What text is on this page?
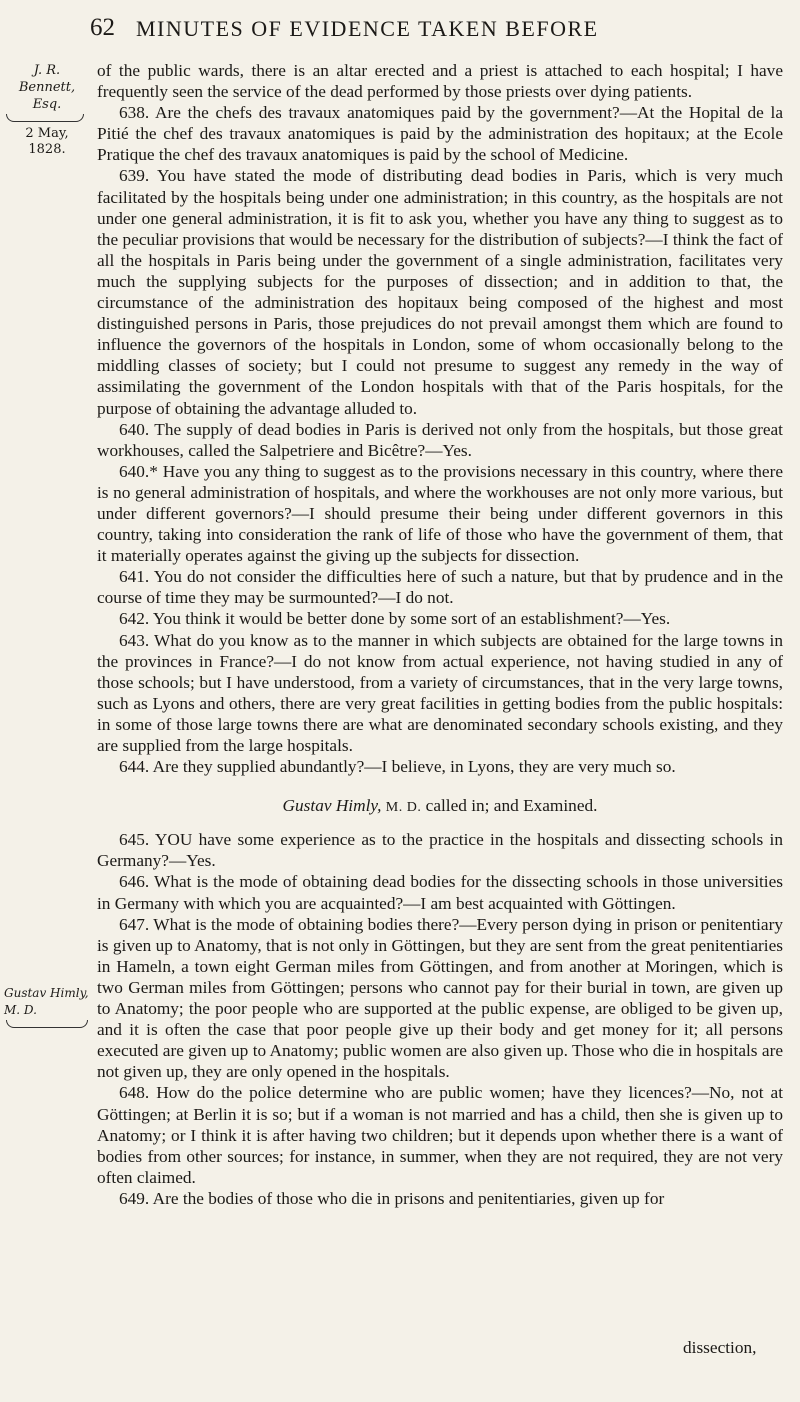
62 MINUTES OF EVIDENCE TAKEN BEFORE
J. R. Bennett,
Esq.
2 May,
1828.
Gustav Himly, M. D.

of the public wards, there is an altar erected and a priest is attached to each hospital; I have frequently seen the service of the dead performed by those priests over dying patients.

638. Are the chefs des travaux anatomiques paid by the government?—At the Hopital de la Pitié the chef des travaux anatomiques is paid by the administration des hopitaux; at the Ecole Pratique the chef des travaux anatomiques is paid by the school of Medicine.

639. You have stated the mode of distributing dead bodies in Paris, which is very much facilitated by the hospitals being under one administration; in this country, as the hospitals are not under one general administration, it is fit to ask you, whether you have any thing to suggest as to the peculiar provisions that would be necessary for the distribution of subjects?—I think the fact of all the hospitals in Paris being under the government of a single administration, facilitates very much the supplying subjects for the purposes of dissection; and in addition to that, the circumstance of the administration des hopitaux being composed of the highest and most distinguished persons in Paris, those prejudices do not prevail amongst them which are found to influence the governors of the hospitals in London, some of whom occasionally belong to the middling classes of society; but I could not presume to suggest any remedy in the way of assimilating the government of the London hospitals with that of the Paris hospitals, for the purpose of obtaining the advantage alluded to.

640. The supply of dead bodies in Paris is derived not only from the hospitals, but those great workhouses, called the Salpetriere and Bicêtre?—Yes.

640.* Have you any thing to suggest as to the provisions necessary in this country, where there is no general administration of hospitals, and where the workhouses are not only more various, but under different governors?—I should presume their being under different governors in this country, taking into consideration the rank of life of those who have the government of them, that it materially operates against the giving up the subjects for dissection.

641. You do not consider the difficulties here of such a nature, but that by prudence and in the course of time they may be surmounted?—I do not.

642. You think it would be better done by some sort of an establishment?—Yes.

643. What do you know as to the manner in which subjects are obtained for the large towns in the provinces in France?—I do not know from actual experience, not having studied in any of those schools; but I have understood, from a variety of circumstances, that in the very large towns, such as Lyons and others, there are very great facilities in getting bodies from the public hospitals: in some of those large towns there are what are denominated secondary schools existing, and they are supplied from the large hospitals.

644. Are they supplied abundantly?—I believe, in Lyons, they are very much so.

Gustav Himly, M. D. called in; and Examined.

645. YOU have some experience as to the practice in the hospitals and dissecting schools in Germany?—Yes.

646. What is the mode of obtaining dead bodies for the dissecting schools in those universities in Germany with which you are acquainted?—I am best acquainted with Göttingen.

647. What is the mode of obtaining bodies there?—Every person dying in prison or penitentiary is given up to Anatomy, that is not only in Göttingen, but they are sent from the great penitentiaries in Hameln, a town eight German miles from Göttingen, and from another at Moringen, which is two German miles from Göttingen; persons who cannot pay for their burial in town, are given up to Anatomy; the poor people who are supported at the public expense, are obliged to be given up, and it is often the case that poor people give up their body and get money for it; all persons executed are given up to Anatomy; public women are also given up. Those who die in hospitals are not given up, they are only opened in the hospitals.

648. How do the police determine who are public women; have they licences?—No, not at Göttingen; at Berlin it is so; but if a woman is not married and has a child, then she is given up to Anatomy; or I think it is after having two children; but it depends upon whether there is a want of bodies from other sources; for instance, in summer, when they are not required, they are not very often claimed.

649. Are the bodies of those who die in prisons and penitentiaries, given up for

dissection,
